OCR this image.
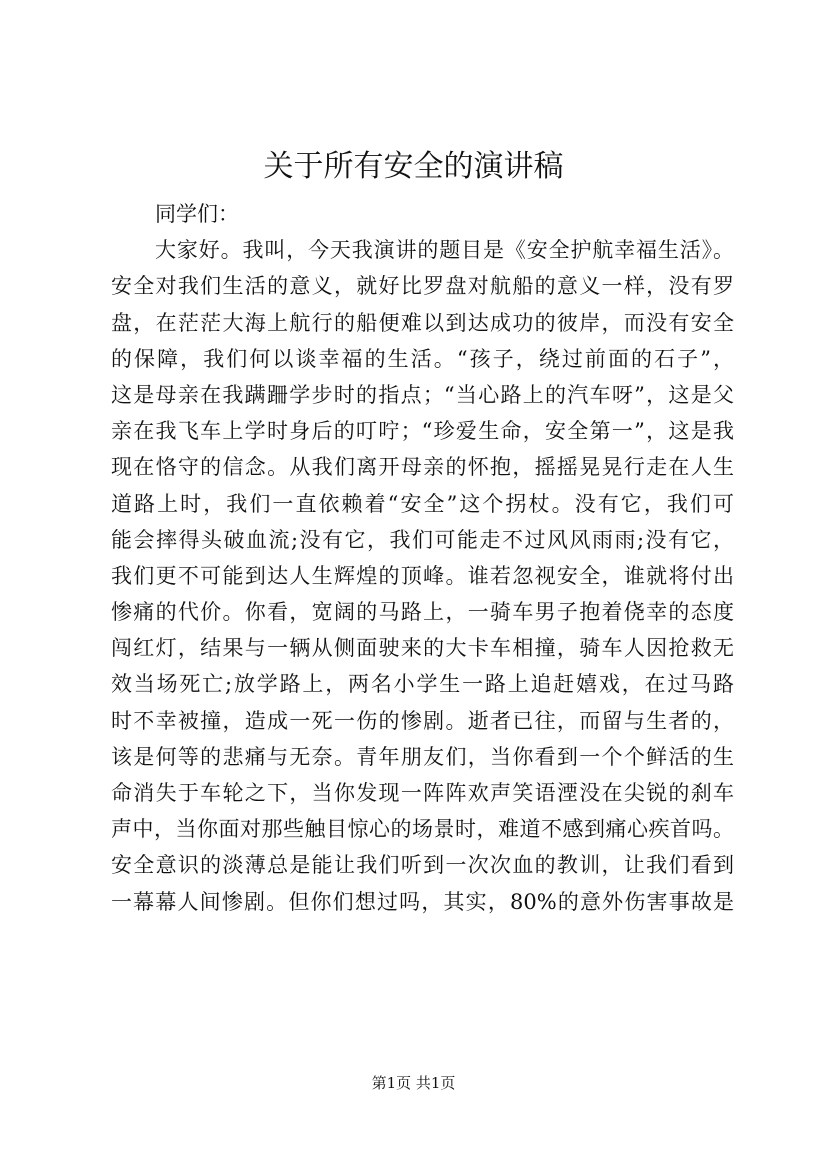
关于所有安全的演讲稿
同学们：
大家好。我叫，今天我演讲的题目是《安全护航幸福生活》。
安全对我们生活的意义，就好比罗盘对航船的意义一样，没有罗
盘，在茫茫大海上航行的船便难以到达成功的彼岸，而没有安全
的保障，我们何以谈幸福的生活。“孩子，绕过前面的石子”，
这是母亲在我蹒跚学步时的指点；“当心路上的汽车呀”，这是父
亲在我飞车上学时身后的叮咛；“珍爱生命，安全第一”，这是我
现在恪守的信念。从我们离开母亲的怀抱，摇摇晃晃行走在人生
道路上时，我们一直依赖着“安全”这个拐杖。没有它，我们可
能会摔得头破血流;没有它，我们可能走不过风风雨雨;没有它，
我们更不可能到达人生辉煌的顶峰。谁若忽视安全，谁就将付出
惨痛的代价。你看，宽阔的马路上，一骑车男子抱着侥幸的态度
闯红灯，结果与一辆从侧面驶来的大卡车相撞，骑车人因抢救无
效当场死亡;放学路上，两名小学生一路上追赶嬉戏，在过马路
时不幸被撞，造成一死一伤的惨剧。逝者已往，而留与生者的，
该是何等的悲痛与无奈。青年朋友们，当你看到一个个鲜活的生
命消失于车轮之下，当你发现一阵阵欢声笑语湮没在尖锐的刹车
声中，当你面对那些触目惊心的场景时，难道不感到痛心疾首吗。
安全意识的淡薄总是能让我们听到一次次血的教训，让我们看到
一幕幕人间惨剧。但你们想过吗，其实，80%的意外伤害事故是
第1页 共1页
